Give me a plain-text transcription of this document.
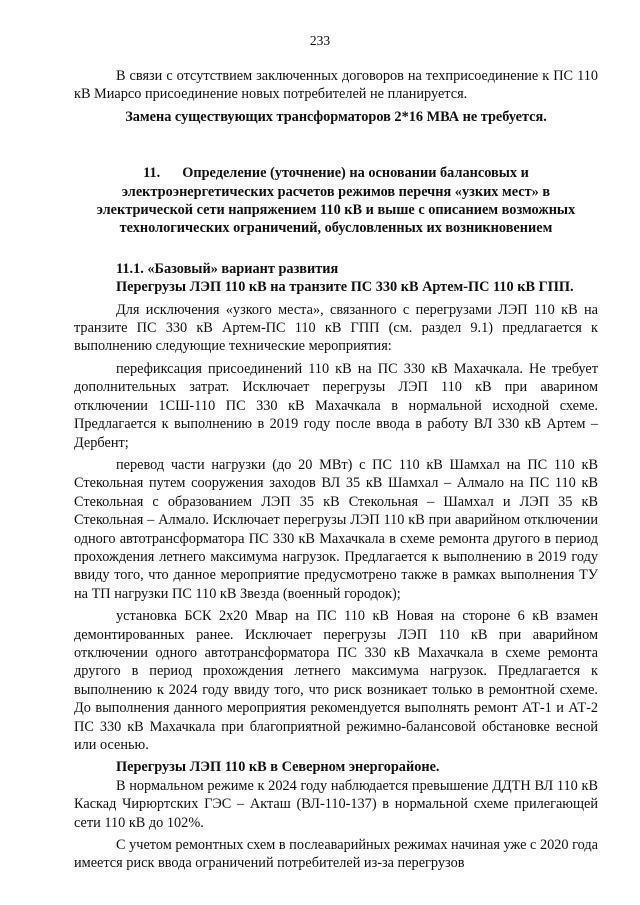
233

В связи с отсутствием заключенных договоров на техприсоединение к ПС 110 кВ Миарсо присоединение новых потребителей не планируется.

Замена существующих трансформаторов 2*16 МВА не требуется.

11. Определение (уточнение) на основании балансовых и электроэнергетических расчетов режимов перечня «узких мест» в электрической сети напряжением 110 кВ и выше с описанием возможных технологических ограничений, обусловленных их возникновением

11.1. «Базовый» вариант развития

Перегрузы ЛЭП 110 кВ на транзите ПС 330 кВ Артем-ПС 110 кВ ГПП.

Для исключения «узкого места», связанного с перегрузами ЛЭП 110 кВ на транзите ПС 330 кВ Артем-ПС 110 кВ ГПП (см. раздел 9.1) предлагается к выполнению следующие технические мероприятия:

перефиксация присоединений 110 кВ на ПС 330 кВ Махачкала. Не требует дополнительных затрат. Исключает перегрузы ЛЭП 110 кВ при аварином отключении 1СШ-110 ПС 330 кВ Махачкала в нормальной исходной схеме. Предлагается к выполнению в 2019 году после ввода в работу ВЛ 330 кВ Артем – Дербент;

перевод части нагрузки (до 20 МВт) с ПС 110 кВ Шамхал на ПС 110 кВ Стекольная путем сооружения заходов ВЛ 35 кВ Шамхал – Алмало на ПС 110 кВ Стекольная с образованием ЛЭП 35 кВ Стекольная – Шамхал и ЛЭП 35 кВ Стекольная – Алмало. Исключает перегрузы ЛЭП 110 кВ при аварийном отключении одного автотрансформатора ПС 330 кВ Махачкала в схеме ремонта другого в период прохождения летнего максимума нагрузок. Предлагается к выполнению в 2019 году ввиду того, что данное мероприятие предусмотрено также в рамках выполнения ТУ на ТП нагрузки ПС 110 кВ Звезда (военный городок);

установка БСК 2х20 Мвар на ПС 110 кВ Новая на стороне 6 кВ взамен демонтированных ранее. Исключает перегрузы ЛЭП 110 кВ при аварийном отключении одного автотрансформатора ПС 330 кВ Махачкала в схеме ремонта другого в период прохождения летнего максимума нагрузок. Предлагается к выполнению к 2024 году ввиду того, что риск возникает только в ремонтной схеме. До выполнения данного мероприятия рекомендуется выполнять ремонт АТ-1 и АТ-2 ПС 330 кВ Махачкала при благоприятной режимно-балансовой обстановке весной или осенью.

Перегрузы ЛЭП 110 кВ в Северном энергорайоне.

В нормальном режиме к 2024 году наблюдается превышение ДДТН ВЛ 110 кВ Каскад Чирюртских ГЭС – Акташ (ВЛ-110-137) в нормальной схеме прилегающей сети 110 кВ до 102%.

С учетом ремонтных схем в послеаварийных режимах начиная уже с 2020 года имеется риск ввода ограничений потребителей из-за перегрузов
